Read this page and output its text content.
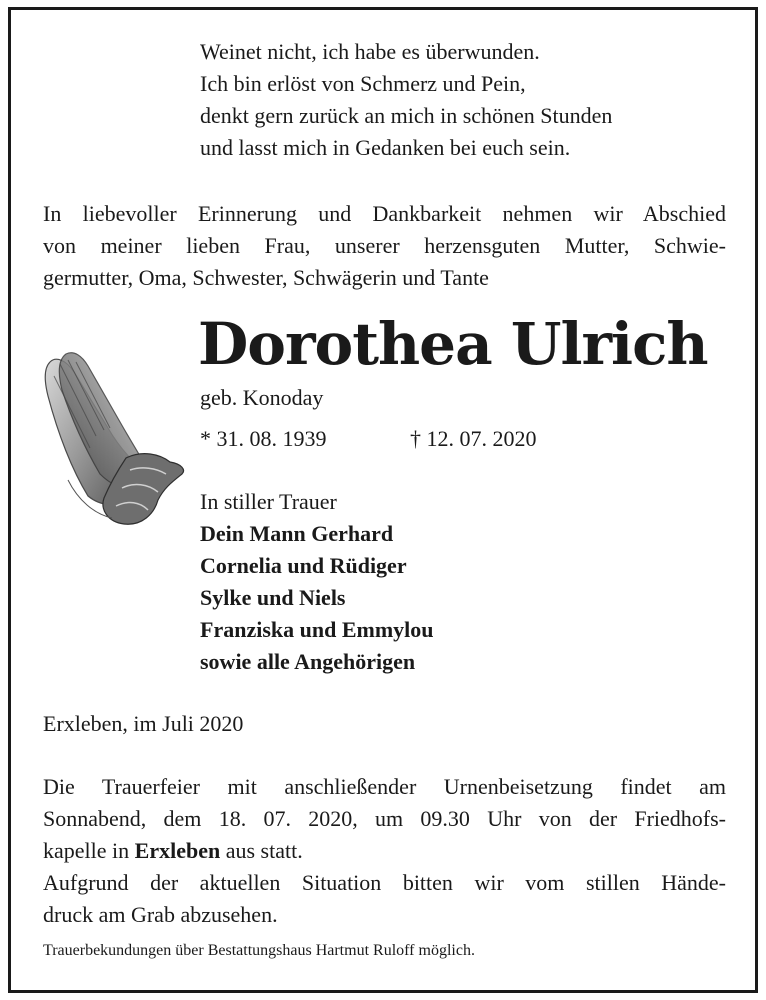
Weinet nicht, ich habe es überwunden.
Ich bin erlöst von Schmerz und Pein,
denkt gern zurück an mich in schönen Stunden
und lasst mich in Gedanken bei euch sein.
In liebevoller Erinnerung und Dankbarkeit nehmen wir Abschied
von meiner lieben Frau, unserer herzensguten Mutter, Schwie-
germutter, Oma, Schwester, Schwägerin und Tante
Dorothea Ulrich
geb. Konoday
* 31. 08. 1939	† 12. 07. 2020
In stiller Trauer
Dein Mann Gerhard
Cornelia und Rüdiger
Sylke und Niels
Franziska und Emmylou
sowie alle Angehörigen
Erxleben, im Juli 2020
Die Trauerfeier mit anschließender Urnenbeisetzung findet am
Sonnabend, dem 18. 07. 2020, um 09.30 Uhr von der Friedhofs-
kapelle in Erxleben aus statt.
Aufgrund der aktuellen Situation bitten wir vom stillen Hände-
druck am Grab abzusehen.
Trauerbekundungen über Bestattungshaus Hartmut Ruloff möglich.
